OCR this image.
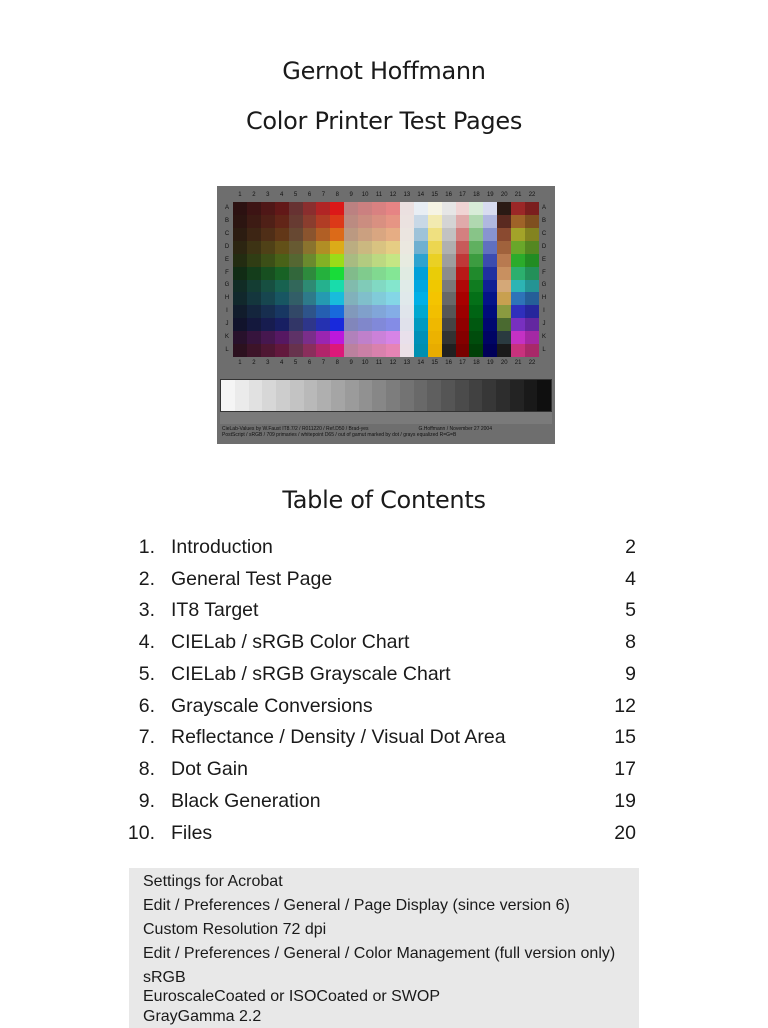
Gernot Hoffmann
Color Printer Test Pages
1	2	3	4	5	6	7	8	9	10	11	12	13	14	15	16	17	18	19	20	21	22
1	2	3	4	5	6	7	8	9	10	11	12	13	14	15	16	17	18	19	20	21	22
A
B
C
D
E
F
G
H
I
J
K
L
A
B
C
D
E
F
G
H
I
J
K
L
CieLab-Values by W.Faust IT8.7/2 / R011220 / Ref.D50 / Brad-yes	G.Hoffmann / November 27 2004
PostScript / sRGB / 709 primaries / whitepoint D65 / out of gamut marked by dot / grays equalized R=G=B
Table of Contents
1. Introduction	2
2. General Test Page	4
3. IT8 Target	5
4. CIELab / sRGB Color Chart	8
5. CIELab / sRGB Grayscale Chart	9
6. Grayscale Conversions	12
7. Reflectance / Density / Visual Dot Area	15
8. Dot Gain	17
9. Black Generation	19
10. Files	20
Settings for Acrobat
Edit / Preferences / General / Page Display (since version 6)
Custom Resolution 72 dpi
Edit / Preferences / General / Color Management (full version only)
sRGB
EuroscaleCoated or ISOCoated or SWOP
GrayGamma 2.2
